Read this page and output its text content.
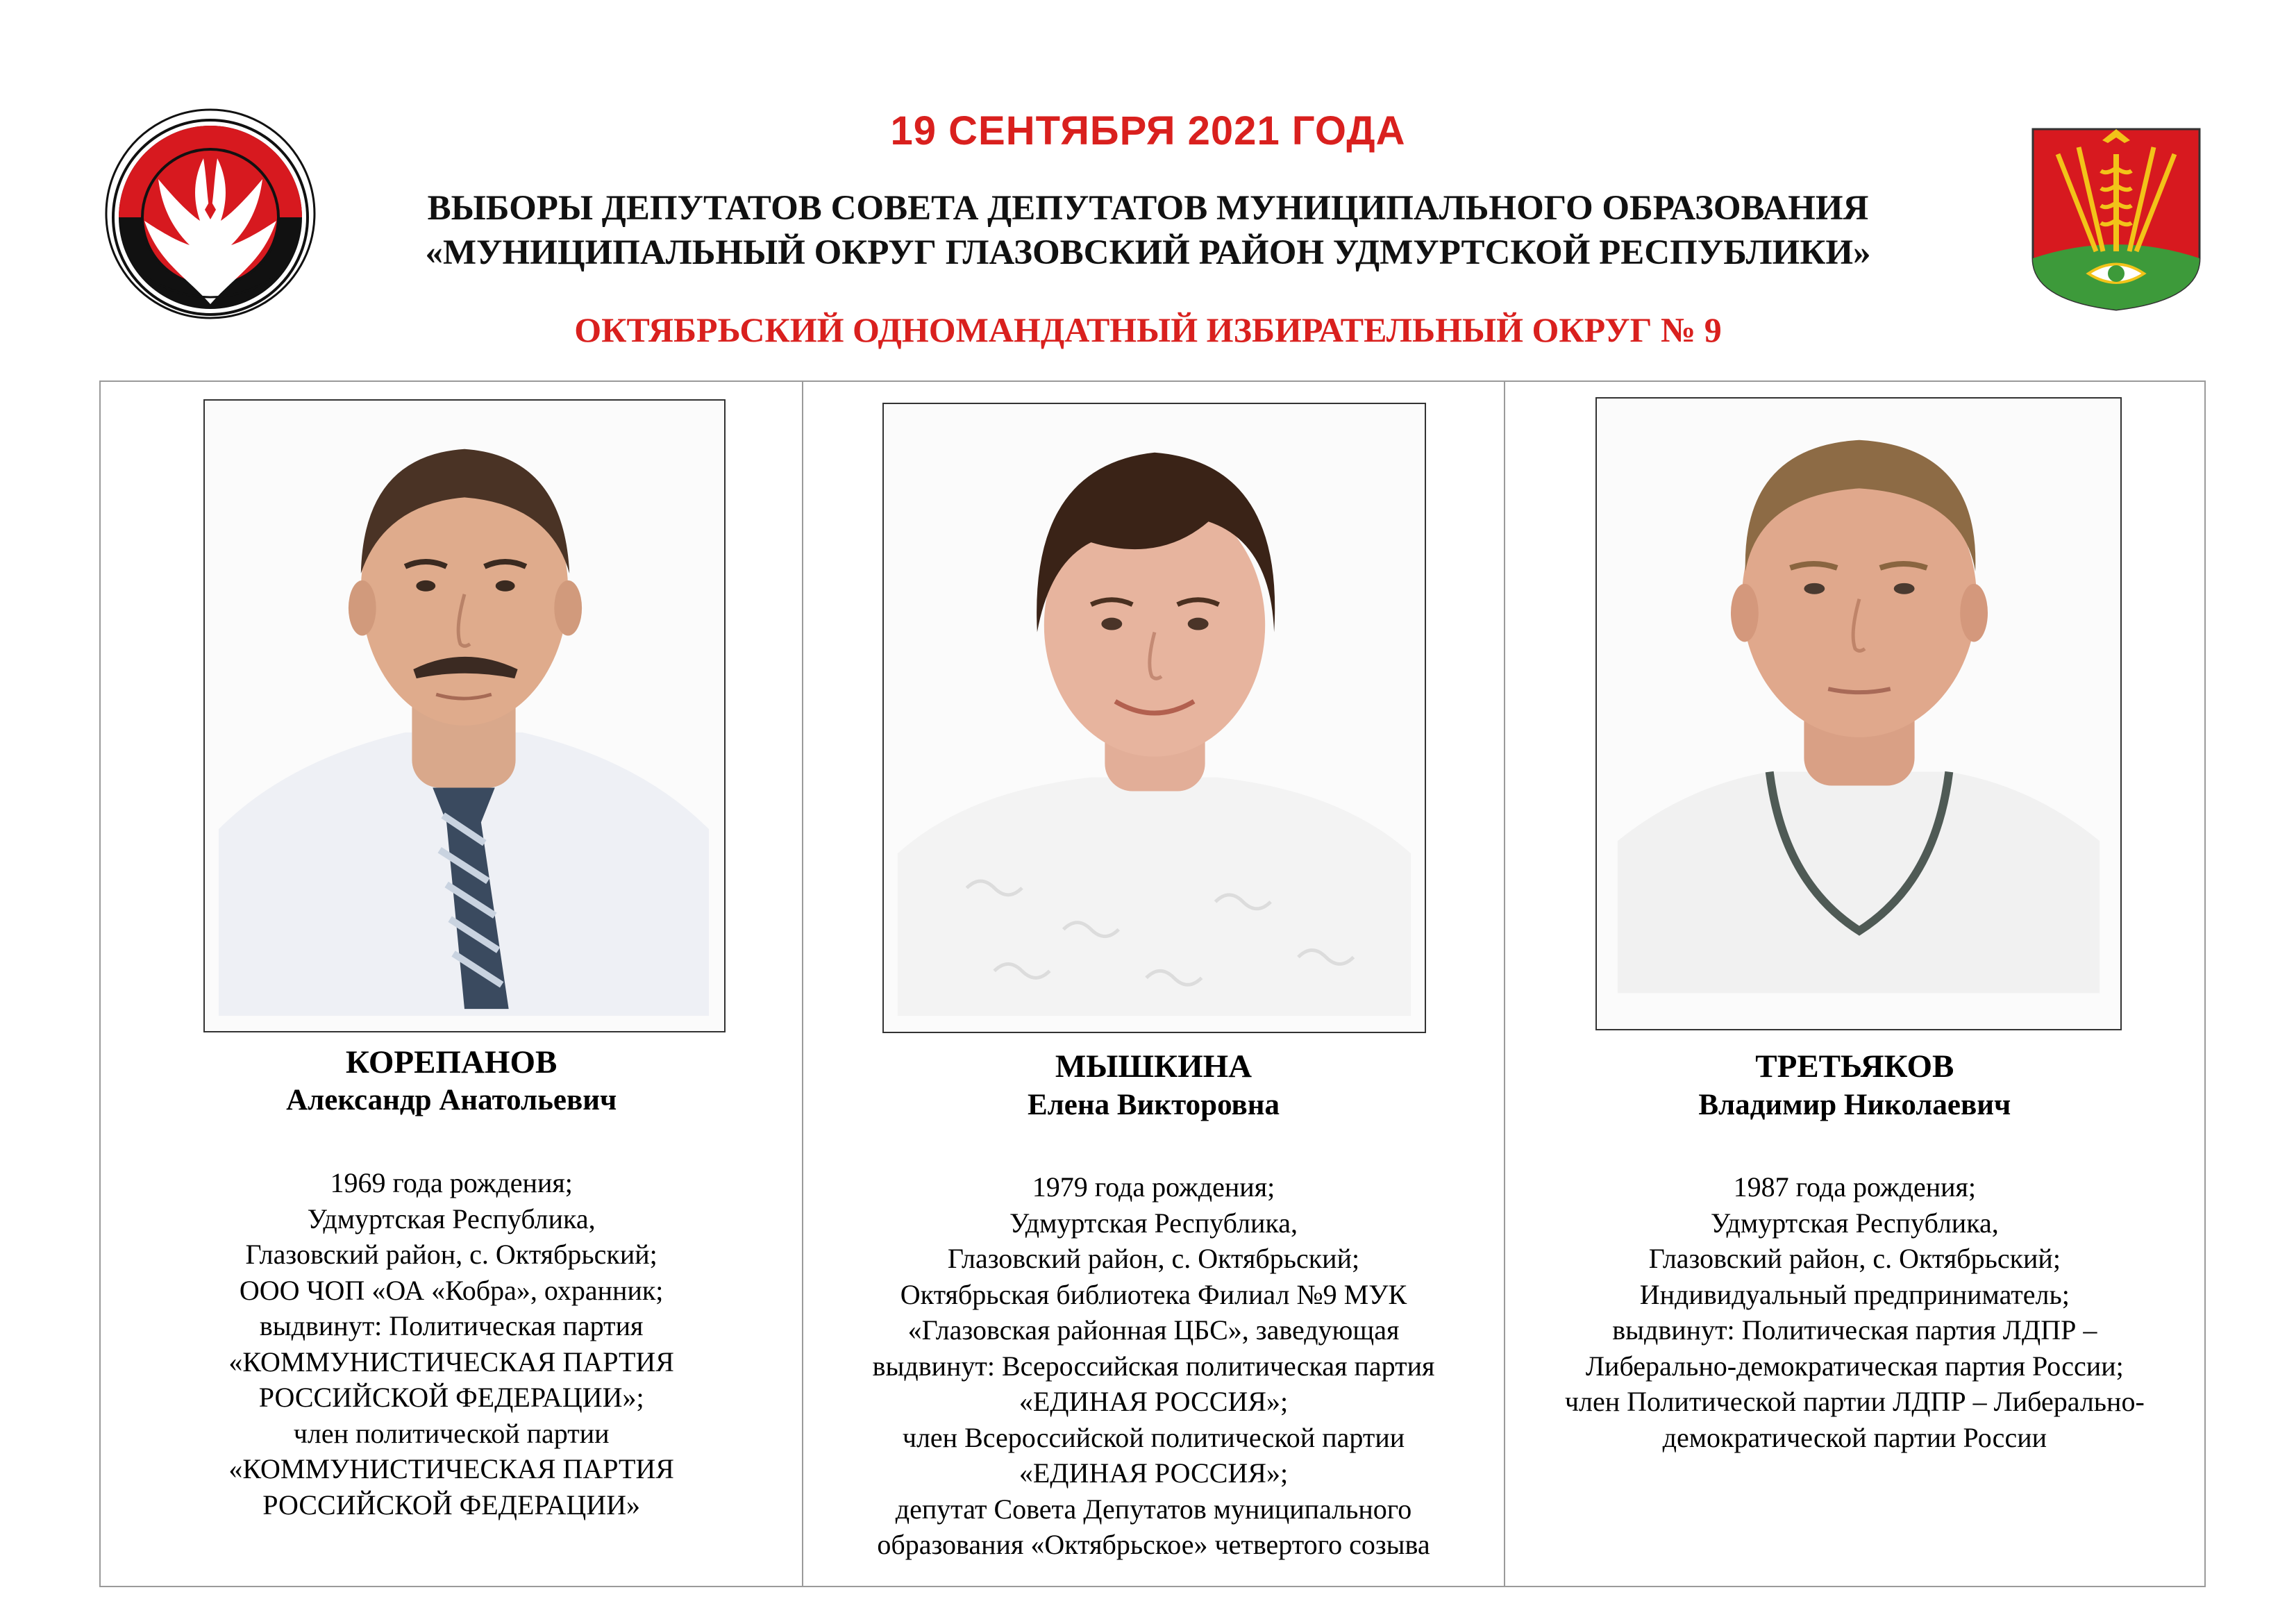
19 СЕНТЯБРЯ 2021 ГОДА
ВЫБОРЫ ДЕПУТАТОВ СОВЕТА ДЕПУТАТОВ МУНИЦИПАЛЬНОГО ОБРАЗОВАНИЯ
«МУНИЦИПАЛЬНЫЙ ОКРУГ ГЛАЗОВСКИЙ РАЙОН УДМУРТСКОЙ РЕСПУБЛИКИ»
ОКТЯБРЬСКИЙ ОДНОМАНДАТНЫЙ ИЗБИРАТЕЛЬНЫЙ ОКРУГ № 9
КОРЕПАНОВ
Александр Анатольевич
1969 года рождения;
Удмуртская Республика,
Глазовский район, с. Октябрьский;
ООО ЧОП «ОА «Кобра», охранник;
выдвинут: Политическая партия
«КОММУНИСТИЧЕСКАЯ ПАРТИЯ
РОССИЙСКОЙ ФЕДЕРАЦИИ»;
член политической партии
«КОММУНИСТИЧЕСКАЯ ПАРТИЯ
РОССИЙСКОЙ ФЕДЕРАЦИИ»
МЫШКИНА
Елена Викторовна
1979 года рождения;
Удмуртская Республика,
Глазовский район, с. Октябрьский;
Октябрьская библиотека Филиал №9 МУК
«Глазовская районная ЦБС», заведующая
выдвинут: Всероссийская политическая партия
«ЕДИНАЯ РОССИЯ»;
член Всероссийской политической партии
«ЕДИНАЯ РОССИЯ»;
депутат Совета Депутатов муниципального
образования «Октябрьское» четвертого созыва
ТРЕТЬЯКОВ
Владимир Николаевич
1987 года рождения;
Удмуртская Республика,
Глазовский район, с. Октябрьский;
Индивидуальный предприниматель;
выдвинут: Политическая партия ЛДПР –
Либерально-демократическая партия России;
член Политической партии ЛДПР – Либерально-
демократической партии России
